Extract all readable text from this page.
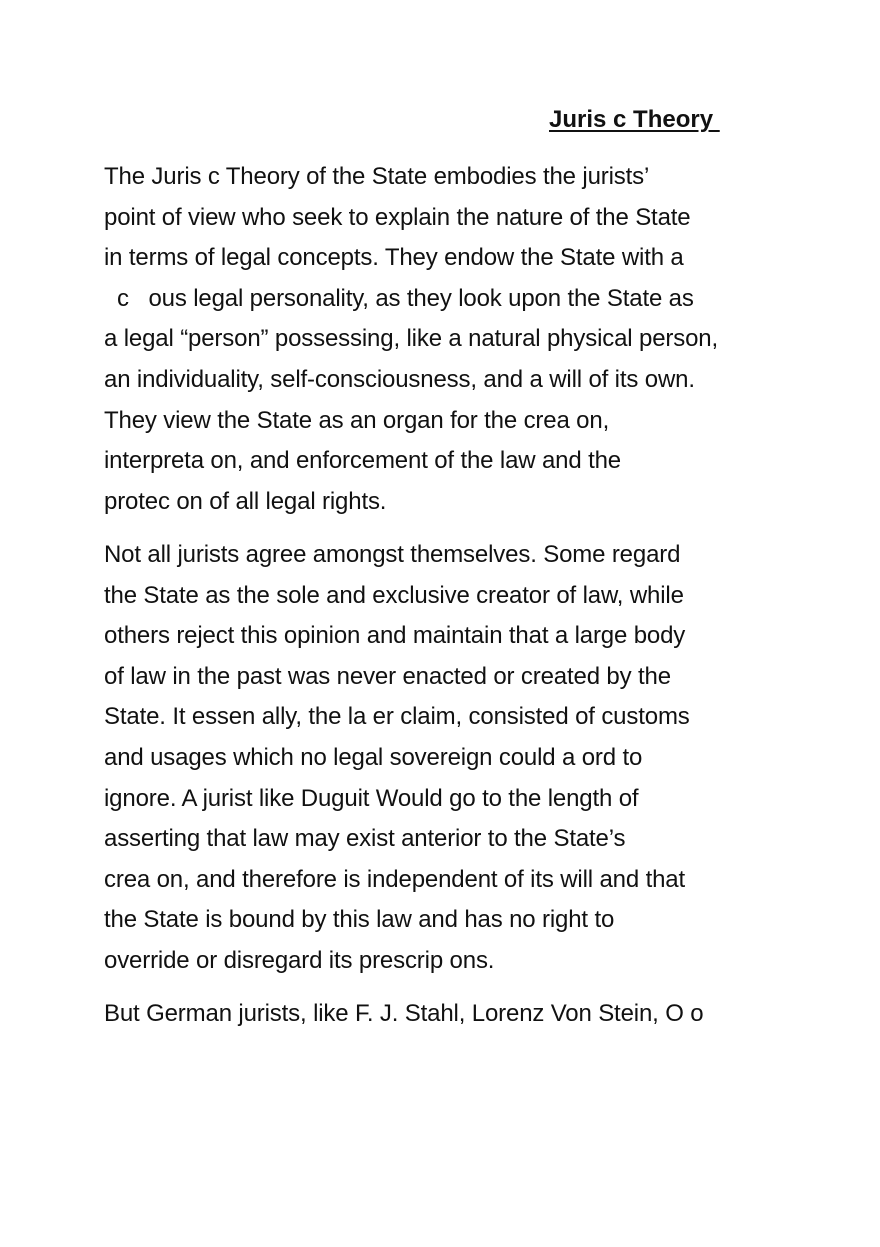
Juris c Theory
The Juris c Theory of the State embodies the jurists’
point of view who seek to explain the nature of the State
in terms of legal concepts. They endow the State with a
c   ous legal personality, as they look upon the State as
a legal “person” possessing, like a natural physical person,
an individuality, self-consciousness, and a will of its own.
They view the State as an organ for the crea on,
interpreta on, and enforcement of the law and the
protec on of all legal rights.
Not all jurists agree amongst themselves. Some regard
the State as the sole and exclusive creator of law, while
others reject this opinion and maintain that a large body
of law in the past was never enacted or created by the
State. It essen ally, the la er claim, consisted of customs
and usages which no legal sovereign could a ord to
ignore. A jurist like Duguit Would go to the length of
asserting that law may exist anterior to the State’s
crea on, and therefore is independent of its will and that
the State is bound by this law and has no right to
override or disregard its prescrip ons.
But German jurists, like F. J. Stahl, Lorenz Von Stein, O o
